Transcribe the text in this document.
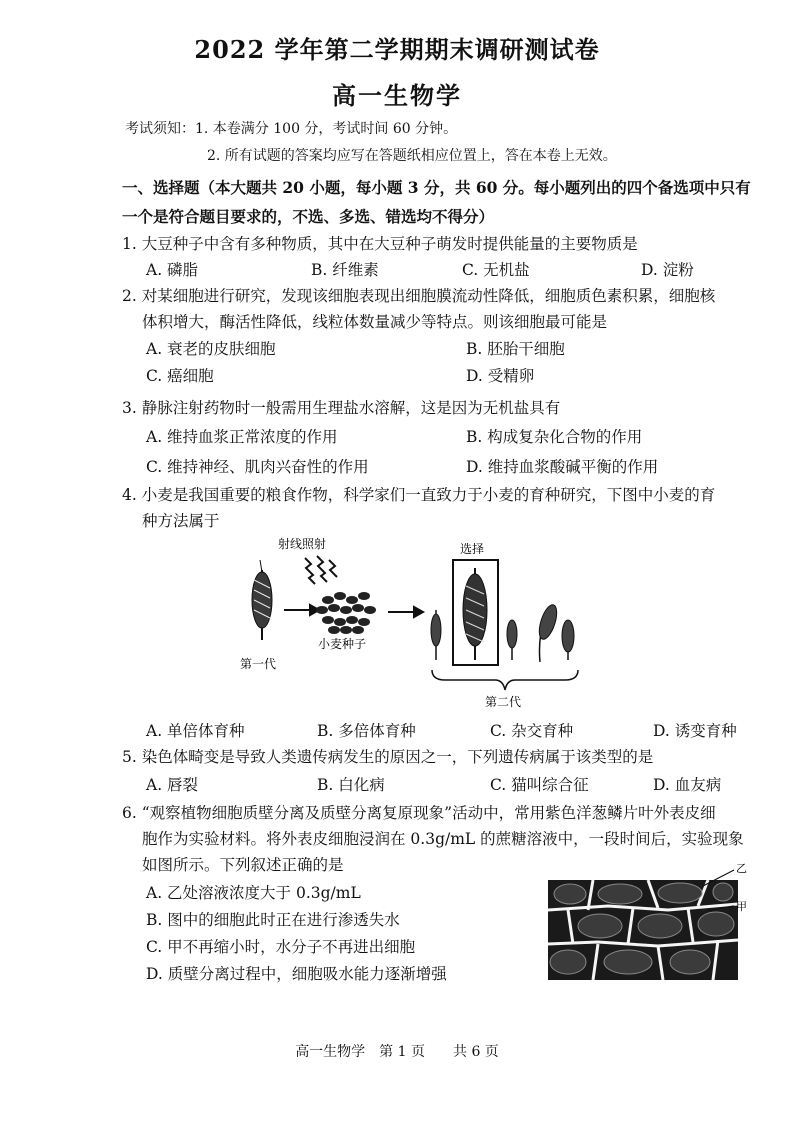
2022 学年第二学期期末调研测试卷
高一生物学
考试须知： 1. 本卷满分 100 分，考试时间 60 分钟。
2. 所有试题的答案均应写在答题纸相应位置上，答在本卷上无效。
一、选择题（本大题共 20 小题，每小题 3 分，共 60 分。每小题列出的四个备选项中只有
一个是符合题目要求的，不选、多选、错选均不得分）
1. 大豆种子中含有多种物质，其中在大豆种子萌发时提供能量的主要物质是
A. 磷脂	B. 纤维素	C. 无机盐	D. 淀粉
2. 对某细胞进行研究，发现该细胞表现出细胞膜流动性降低，细胞质色素积累，细胞核
体积增大，酶活性降低，线粒体数量减少等特点。则该细胞最可能是
A. 衰老的皮肤细胞	B. 胚胎干细胞
C. 癌细胞	D. 受精卵
3. 静脉注射药物时一般需用生理盐水溶解，这是因为无机盐具有
A. 维持血浆正常浓度的作用	B. 构成复杂化合物的作用
C. 维持神经、肌肉兴奋性的作用	D. 维持血浆酸碱平衡的作用
4. 小麦是我国重要的粮食作物，科学家们一直致力于小麦的育种研究，下图中小麦的育
种方法属于
射线照射	选择
小麦种子
第一代
第二代
A. 单倍体育种	B. 多倍体育种	C. 杂交育种	D. 诱变育种
5. 染色体畸变是导致人类遗传病发生的原因之一，下列遗传病属于该类型的是
A. 唇裂	B. 白化病	C. 猫叫综合征	D. 血友病
6. “观察植物细胞质壁分离及质壁分离复原现象”活动中，常用紫色洋葱鳞片叶外表皮细
胞作为实验材料。将外表皮细胞浸润在 0.3g/mL 的蔗糖溶液中，一段时间后，实验现象
如图所示。下列叙述正确的是
A. 乙处溶液浓度大于 0.3g/mL
B. 图中的细胞此时正在进行渗透失水
C. 甲不再缩小时，水分子不再进出细胞
D. 质壁分离过程中，细胞吸水能力逐渐增强
乙
甲
高一生物学　第 1 页　　共 6 页
